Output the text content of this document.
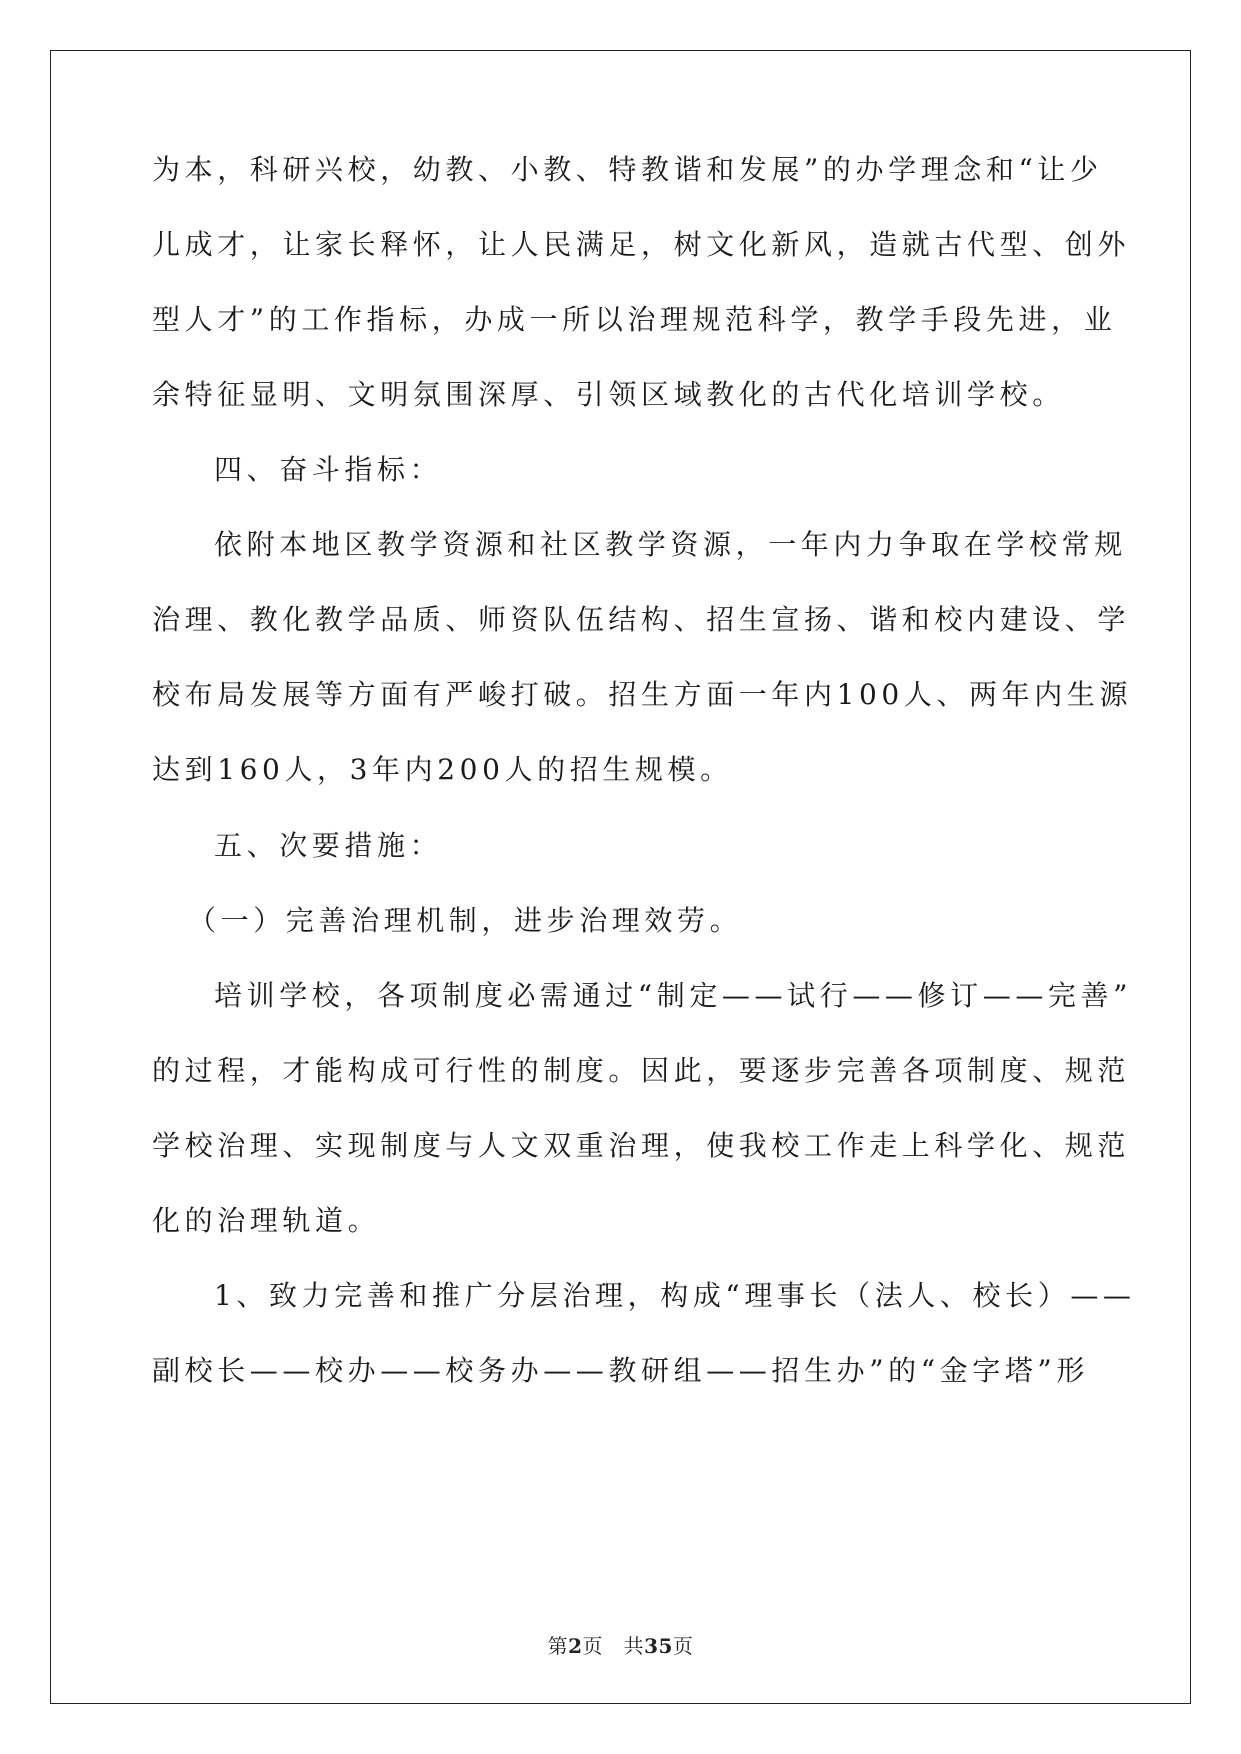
为本，科研兴校，幼教、小教、特教谐和发展”的办学理念和“让少
儿成才，让家长释怀，让人民满足，树文化新风，造就古代型、创外
型人才”的工作指标，办成一所以治理规范科学，教学手段先进，业
余特征显明、文明氛围深厚、引领区域教化的古代化培训学校。
四、奋斗指标：
依附本地区教学资源和社区教学资源，一年内力争取在学校常规
治理、教化教学品质、师资队伍结构、招生宣扬、谐和校内建设、学
校布局发展等方面有严峻打破。招生方面一年内100人、两年内生源
达到160人，3年内200人的招生规模。
五、次要措施：
（一）完善治理机制，进步治理效劳。
培训学校，各项制度必需通过“制定——试行——修订——完善”
的过程，才能构成可行性的制度。因此，要逐步完善各项制度、规范
学校治理、实现制度与人文双重治理，使我校工作走上科学化、规范
化的治理轨道。
1、致力完善和推广分层治理，构成“理事长（法人、校长）——
副校长——校办——校务办——教研组——招生办”的“金字塔”形
第2页 共35页
